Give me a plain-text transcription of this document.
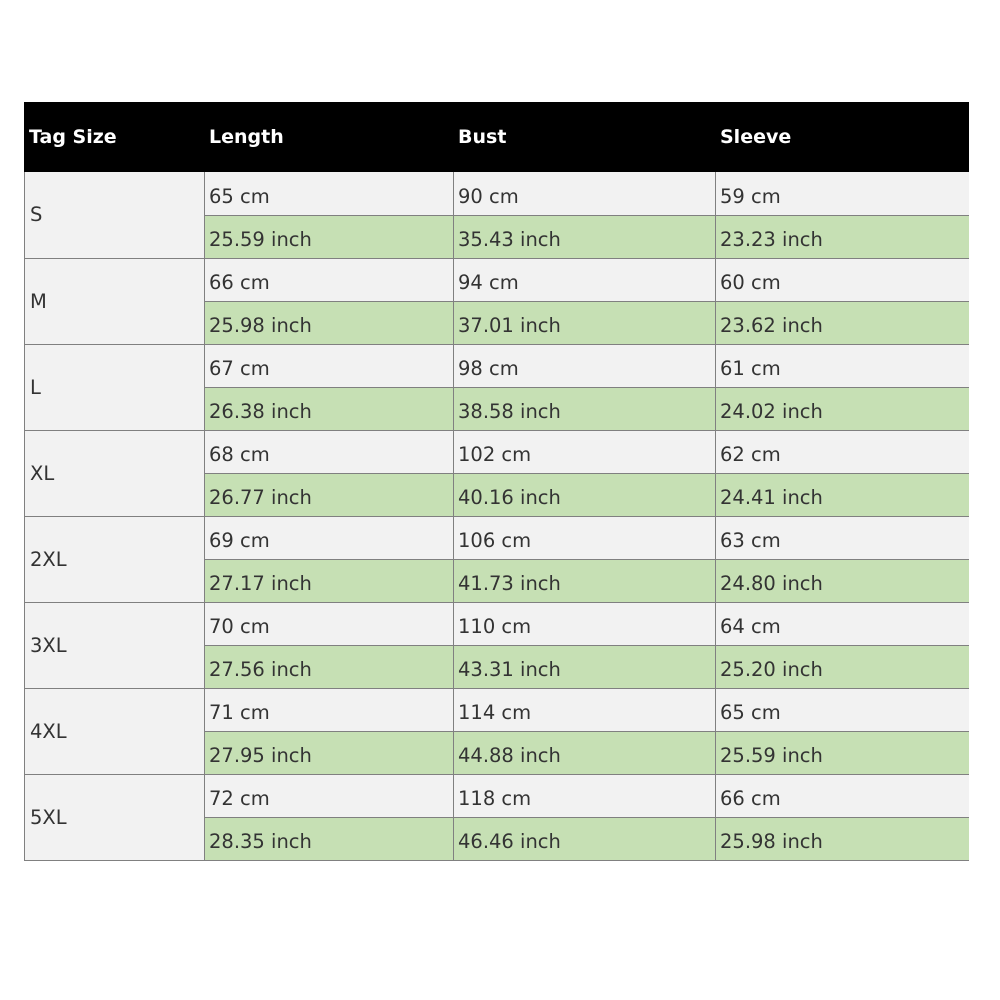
Tag Size	Length	Bust	Sleeve
S	65 cm	90 cm	59 cm
	25.59 inch	35.43 inch	23.23 inch
M	66 cm	94 cm	60 cm
	25.98 inch	37.01 inch	23.62 inch
L	67 cm	98 cm	61 cm
	26.38 inch	38.58 inch	24.02 inch
XL	68 cm	102 cm	62 cm
	26.77 inch	40.16 inch	24.41 inch
2XL	69 cm	106 cm	63 cm
	27.17 inch	41.73 inch	24.80 inch
3XL	70 cm	110 cm	64 cm
	27.56 inch	43.31 inch	25.20 inch
4XL	71 cm	114 cm	65 cm
	27.95 inch	44.88 inch	25.59 inch
5XL	72 cm	118 cm	66 cm
	28.35 inch	46.46 inch	25.98 inch
